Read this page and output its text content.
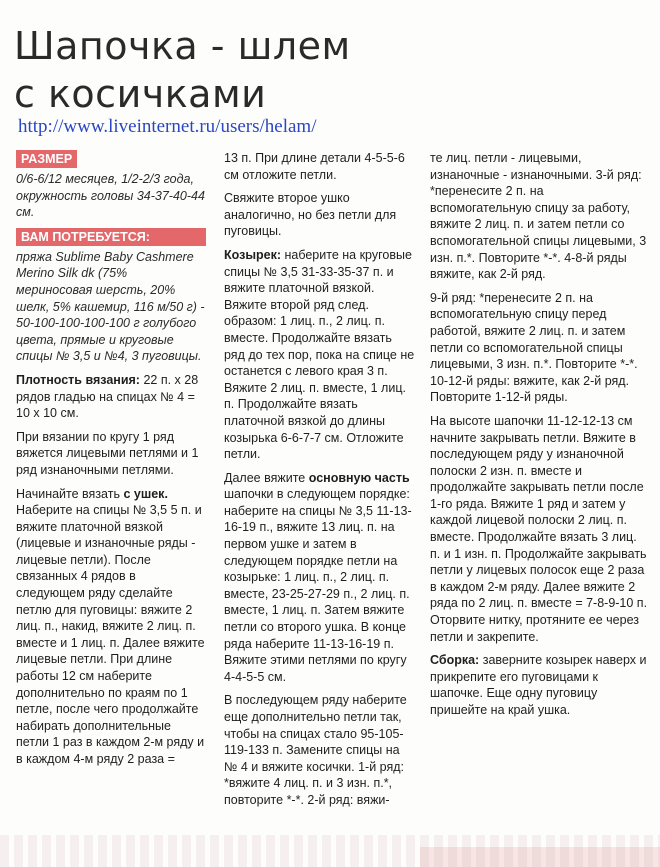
Шапочка - шлем
с косичками
http://www.liveinternet.ru/users/helam/
РАЗМЕР

0/6-6/12 месяцев, 1/2-2/3 года, окружность головы 34-37-40-44 см.

ВАМ ПОТРЕБУЕТСЯ:

пряжа Sublime Baby Cashmere Merino Silk dk (75% мериносовая шерсть, 20% шелк, 5% кашемир, 116 м/50 г) - 50-100-100-100-100 г голубого цвета, прямые и круговые спицы № 3,5 и №4, 3 пуговицы.

Плотность вязания: 22 п. x 28 рядов гладью на спицах № 4 = 10 x 10 см.

При вязании по кругу 1 ряд вяжется лицевыми петлями и 1 ряд изнаночными петлями.

Начинайте вязать с ушек. Наберите на спицы № 3,5 5 п. и вяжите платочной вязкой (лицевые и изнаночные ряды - лицевые петли). После связанных 4 рядов в следующем ряду сделайте петлю для пуговицы: вяжите 2 лиц. п., накид, вяжите 2 лиц. п. вместе и 1 лиц. п. Далее вяжите лицевые петли. При длине работы 12 см наберите дополнительно по краям по 1 петле, после чего продолжайте набирать дополнительные петли 1 раз в каждом 2-м ряду и в каждом 4-м ряду 2 раза =

13 п. При длине детали 4-5-5-6 см отложите петли.

Свяжите второе ушко аналогично, но без петли для пуговицы.

Козырек: наберите на круговые спицы № 3,5 31-33-35-37 п. и вяжите платочной вязкой. Вяжите второй ряд след. образом: 1 лиц. п., 2 лиц. п. вместе. Продолжайте вязать ряд до тех пор, пока на спице не останется с левого края 3 п. Вяжите 2 лиц. п. вместе, 1 лиц. п. Продолжайте вязать платочной вязкой до длины козырька 6-6-7-7 см. Отложите петли.

Далее вяжите основную часть шапочки в следующем порядке: наберите на спицы № 3,5 11-13-16-19 п., вяжите 13 лиц. п. на первом ушке и затем в следующем порядке петли на козырьке: 1 лиц. п., 2 лиц. п. вместе, 23-25-27-29 п., 2 лиц. п. вместе, 1 лиц. п. Затем вяжите петли со второго ушка. В конце ряда наберите 11-13-16-19 п. Вяжите этими петлями по кругу 4-4-5-5 см.

В последующем ряду наберите еще дополнительно петли так, чтобы на спицах стало 95-105-119-133 п. Замените спицы на № 4 и вяжите косички. 1-й ряд: *вяжите 4 лиц. п. и 3 изн. п.*, повторите *-*. 2-й ряд: вяжи-

те лиц. петли - лицевыми, изнаночные - изнаночными. 3-й ряд: *перенесите 2 п. на вспомогательную спицу за работу, вяжите 2 лиц. п. и затем петли со вспомогательной спицы лицевыми, 3 изн. п.*. Повторите *-*. 4-8-й ряды вяжите, как 2-й ряд.

9-й ряд: *перенесите 2 п. на вспомогательную спицу перед работой, вяжите 2 лиц. п. и затем петли со вспомогательной спицы лицевыми, 3 изн. п.*. Повторите *-*. 10-12-й ряды: вяжите, как 2-й ряд. Повторите 1-12-й ряды.

На высоте шапочки 11-12-12-13 см начните закрывать петли. Вяжите в последующем ряду у изнаночной полоски 2 изн. п. вместе и продолжайте закрывать петли после 1-го ряда. Вяжите 1 ряд и затем у каждой лицевой полоски 2 лиц. п. вместе. Продолжайте вязать 3 лиц. п. и 1 изн. п. Продолжайте закрывать петли у лицевых полосок еще 2 раза в каждом 2-м ряду. Далее вяжите 2 ряда по 2 лиц. п. вместе = 7-8-9-10 п. Оторвите нитку, протяните ее через петли и закрепите.

Сборка: заверните козырек наверх и прикрепите его пуговицами к шапочке. Еще одну пуговицу пришейте на край ушка.
